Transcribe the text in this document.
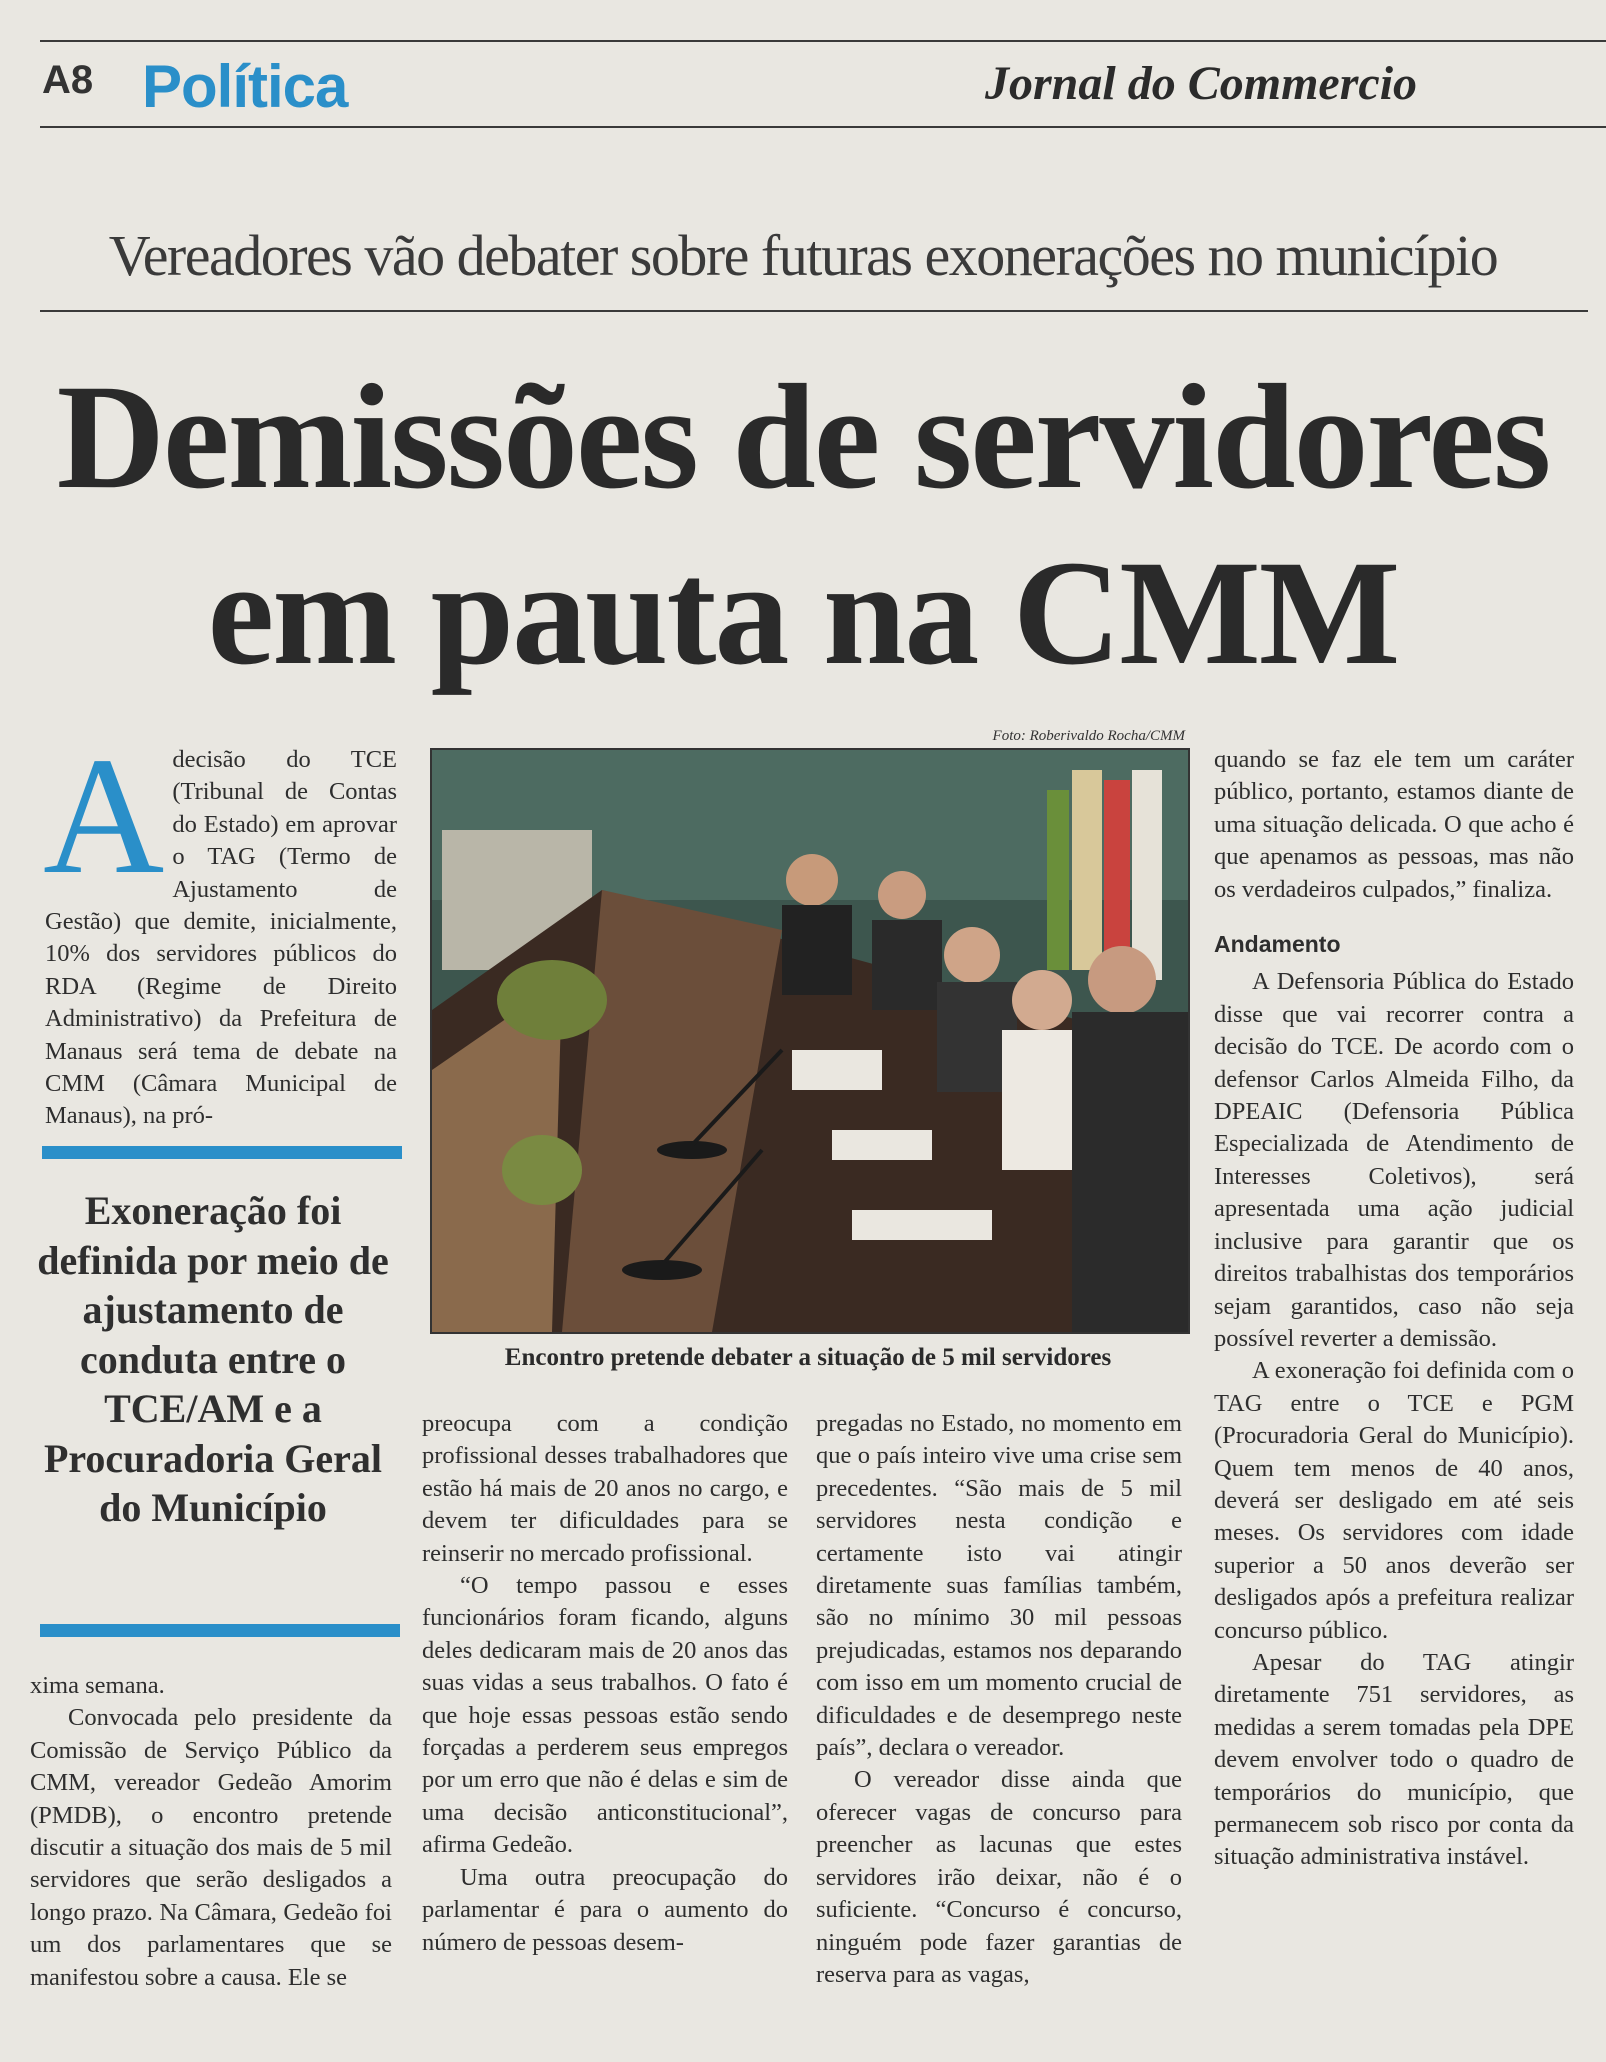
A8 Política	Jornal do Commercio
Vereadores vão debater sobre futuras exonerações no município
Demissões de servidores
em pauta na CMM
A decisão do TCE (Tribunal de Contas do Estado) em aprovar o TAG (Termo de Ajustamento de Gestão) que demite, inicialmente, 10% dos servidores públicos do RDA (Regime de Direito Administrativo) da Prefeitura de Manaus será tema de debate na CMM (Câmara Municipal de Manaus), na pró-

Exoneração foi definida por meio de ajustamento de conduta entre o TCE/AM e a Procuradoria Geral do Município

xima semana.

Convocada pelo presidente da Comissão de Serviço Público da CMM, vereador Gedeão Amorim (PMDB), o encontro pretende discutir a situação dos mais de 5 mil servidores que serão desligados a longo prazo. Na Câmara, Gedeão foi um dos parlamentares que se manifestou sobre a causa. Ele se

Foto: Roberivaldo Rocha/CMM
Encontro pretende debater a situação de 5 mil servidores

preocupa com a condição profissional desses trabalhadores que estão há mais de 20 anos no cargo, e devem ter dificuldades para se reinserir no mercado profissional.

“O tempo passou e esses funcionários foram ficando, alguns deles dedicaram mais de 20 anos das suas vidas a seus trabalhos. O fato é que hoje essas pessoas estão sendo forçadas a perderem seus empregos por um erro que não é delas e sim de uma decisão anticonstitucional”, afirma Gedeão.

Uma outra preocupação do parlamentar é para o aumento do número de pessoas desem-

pregadas no Estado, no momento em que o país inteiro vive uma crise sem precedentes. “São mais de 5 mil servidores nesta condição e certamente isto vai atingir diretamente suas famílias também, são no mínimo 30 mil pessoas prejudicadas, estamos nos deparando com isso em um momento crucial de dificuldades e de desemprego neste país”, declara o vereador.

O vereador disse ainda que oferecer vagas de concurso para preencher as lacunas que estes servidores irão deixar, não é o suficiente. “Concurso é concurso, ninguém pode fazer garantias de reserva para as vagas,

quando se faz ele tem um caráter público, portanto, estamos diante de uma situação delicada. O que acho é que apenamos as pessoas, mas não os verdadeiros culpados,” finaliza.

Andamento

A Defensoria Pública do Estado disse que vai recorrer contra a decisão do TCE. De acordo com o defensor Carlos Almeida Filho, da DPEAIC (Defensoria Pública Especializada de Atendimento de Interesses Coletivos), será apresentada uma ação judicial inclusive para garantir que os direitos trabalhistas dos temporários sejam garantidos, caso não seja possível reverter a demissão.

A exoneração foi definida com o TAG entre o TCE e PGM (Procuradoria Geral do Município). Quem tem menos de 40 anos, deverá ser desligado em até seis meses. Os servidores com idade superior a 50 anos deverão ser desligados após a prefeitura realizar concurso público.

Apesar do TAG atingir diretamente 751 servidores, as medidas a serem tomadas pela DPE devem envolver todo o quadro de temporários do município, que permanecem sob risco por conta da situação administrativa instável.
